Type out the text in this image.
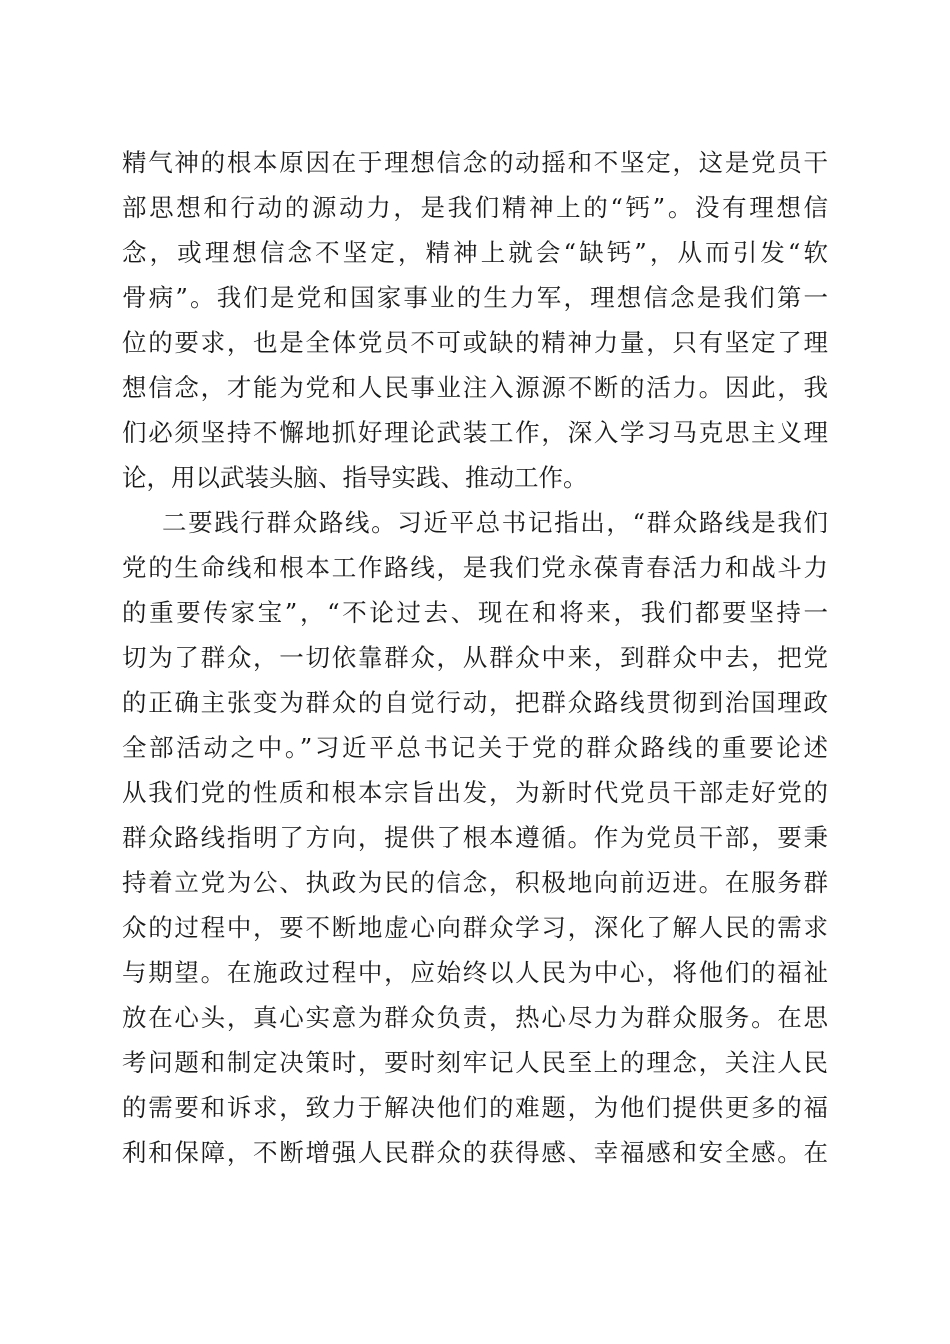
精气神的根本原因在于理想信念的动摇和不坚定，这是党员干
部思想和行动的源动力，是我们精神上的“钙”。没有理想信
念，或理想信念不坚定，精神上就会“缺钙”，从而引发“软
骨病”。我们是党和国家事业的生力军，理想信念是我们第一
位的要求，也是全体党员不可或缺的精神力量，只有坚定了理
想信念，才能为党和人民事业注入源源不断的活力。因此，我
们必须坚持不懈地抓好理论武装工作，深入学习马克思主义理
论，用以武装头脑、指导实践、推动工作。
二要践行群众路线。习近平总书记指出，“群众路线是我们
党的生命线和根本工作路线，是我们党永葆青春活力和战斗力
的重要传家宝”，“不论过去、现在和将来，我们都要坚持一
切为了群众，一切依靠群众，从群众中来，到群众中去，把党
的正确主张变为群众的自觉行动，把群众路线贯彻到治国理政
全部活动之中。”习近平总书记关于党的群众路线的重要论述
从我们党的性质和根本宗旨出发，为新时代党员干部走好党的
群众路线指明了方向，提供了根本遵循。作为党员干部，要秉
持着立党为公、执政为民的信念，积极地向前迈进。在服务群
众的过程中，要不断地虚心向群众学习，深化了解人民的需求
与期望。在施政过程中，应始终以人民为中心，将他们的福祉
放在心头，真心实意为群众负责，热心尽力为群众服务。在思
考问题和制定决策时，要时刻牢记人民至上的理念，关注人民
的需要和诉求，致力于解决他们的难题，为他们提供更多的福
利和保障，不断增强人民群众的获得感、幸福感和安全感。在
